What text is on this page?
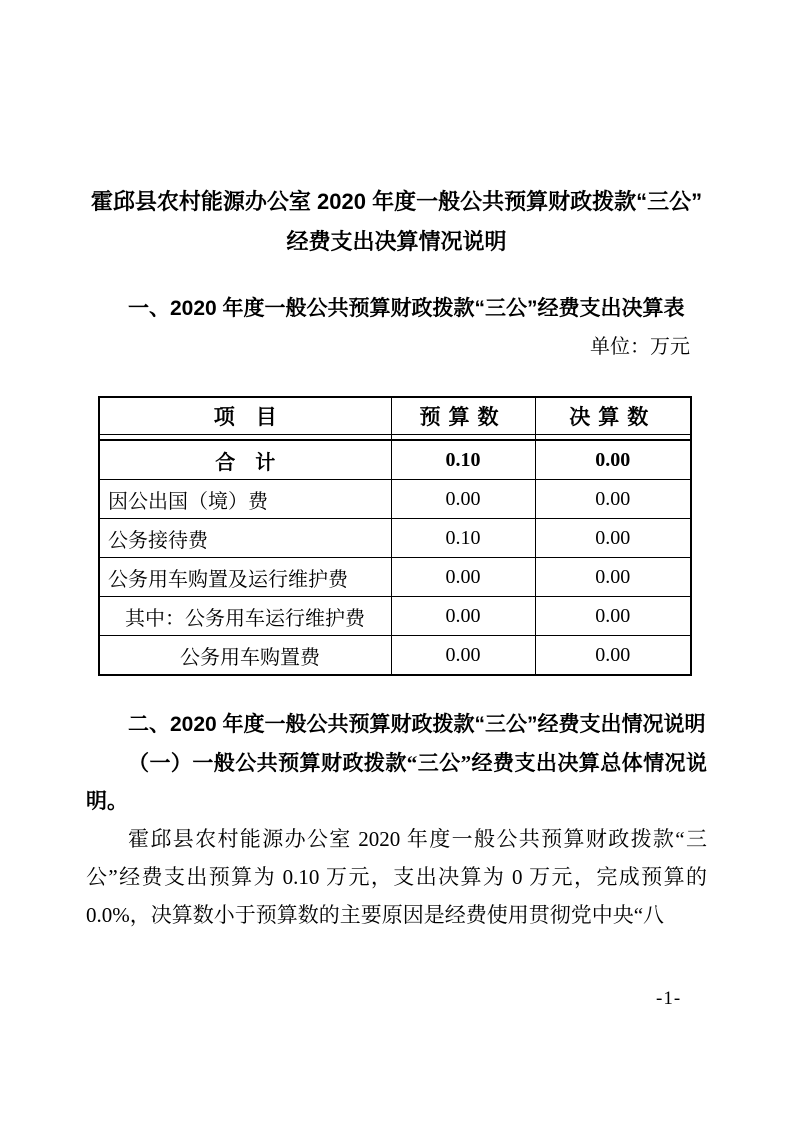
霍邱县农村能源办公室 2020 年度一般公共预算财政拨款“三公”
经费支出决算情况说明

一、2020 年度一般公共预算财政拨款“三公”经费支出决算表

单位：万元

项　目	预算数	决算数

合　计	0.10	0.00
因公出国（境）费	0.00	0.00
公务接待费	0.10	0.00
公务用车购置及运行维护费	0.00	0.00
其中：公务用车运行维护费	0.00	0.00
公务用车购置费	0.00	0.00

二、2020 年度一般公共预算财政拨款“三公”经费支出情况说明

（一）一般公共预算财政拨款“三公”经费支出决算总体情况说明。

霍邱县农村能源办公室 2020 年度一般公共预算财政拨款“三公”经费支出预算为 0.10 万元，支出决算为 0 万元，完成预算的 0.0%，决算数小于预算数的主要原因是经费使用贯彻党中央“八

-1-
